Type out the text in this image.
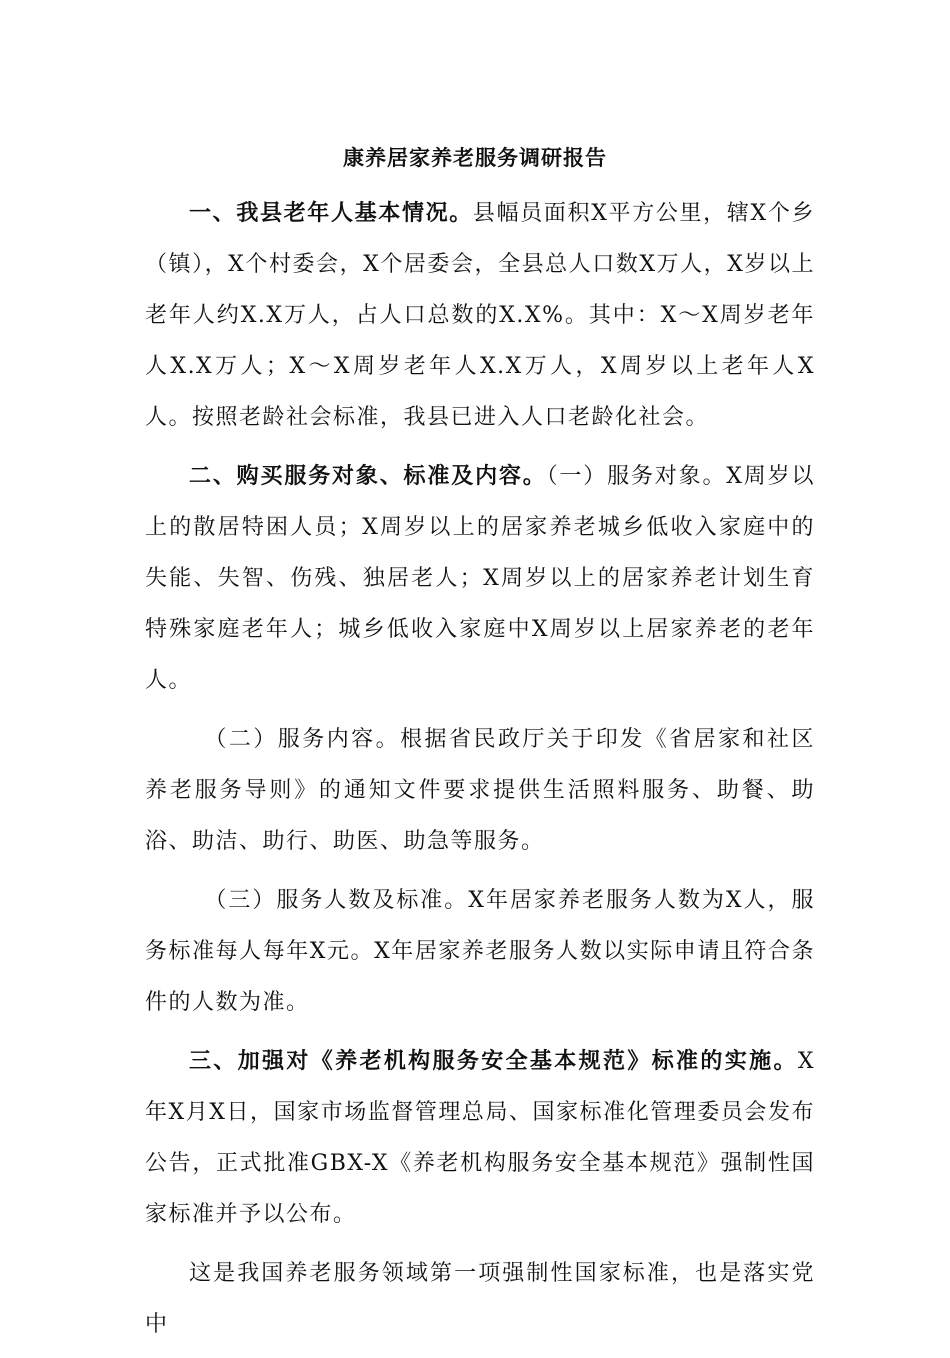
康养居家养老服务调研报告

一、我县老年人基本情况。县幅员面积X平方公里，辖X个乡（镇），X个村委会，X个居委会，全县总人口数X万人，X岁以上老年人约X.X万人，占人口总数的X.X%。其中：X～X周岁老年人X.X万人；X～X周岁老年人X.X万人，X周岁以上老年人X人。按照老龄社会标准，我县已进入人口老龄化社会。

二、购买服务对象、标准及内容。（一）服务对象。X周岁以上的散居特困人员；X周岁以上的居家养老城乡低收入家庭中的失能、失智、伤残、独居老人；X周岁以上的居家养老计划生育特殊家庭老年人；城乡低收入家庭中X周岁以上居家养老的老年人。

（二）服务内容。根据省民政厅关于印发《省居家和社区养老服务导则》的通知文件要求提供生活照料服务、助餐、助浴、助洁、助行、助医、助急等服务。

（三）服务人数及标准。X年居家养老服务人数为X人，服务标准每人每年X元。X年居家养老服务人数以实际申请且符合条件的人数为准。

三、加强对《养老机构服务安全基本规范》标准的实施。X年X月X日，国家市场监督管理总局、国家标准化管理委员会发布公告，正式批准GBX-X《养老机构服务安全基本规范》强制性国家标准并予以公布。

这是我国养老服务领域第一项强制性国家标准，也是落实党中
